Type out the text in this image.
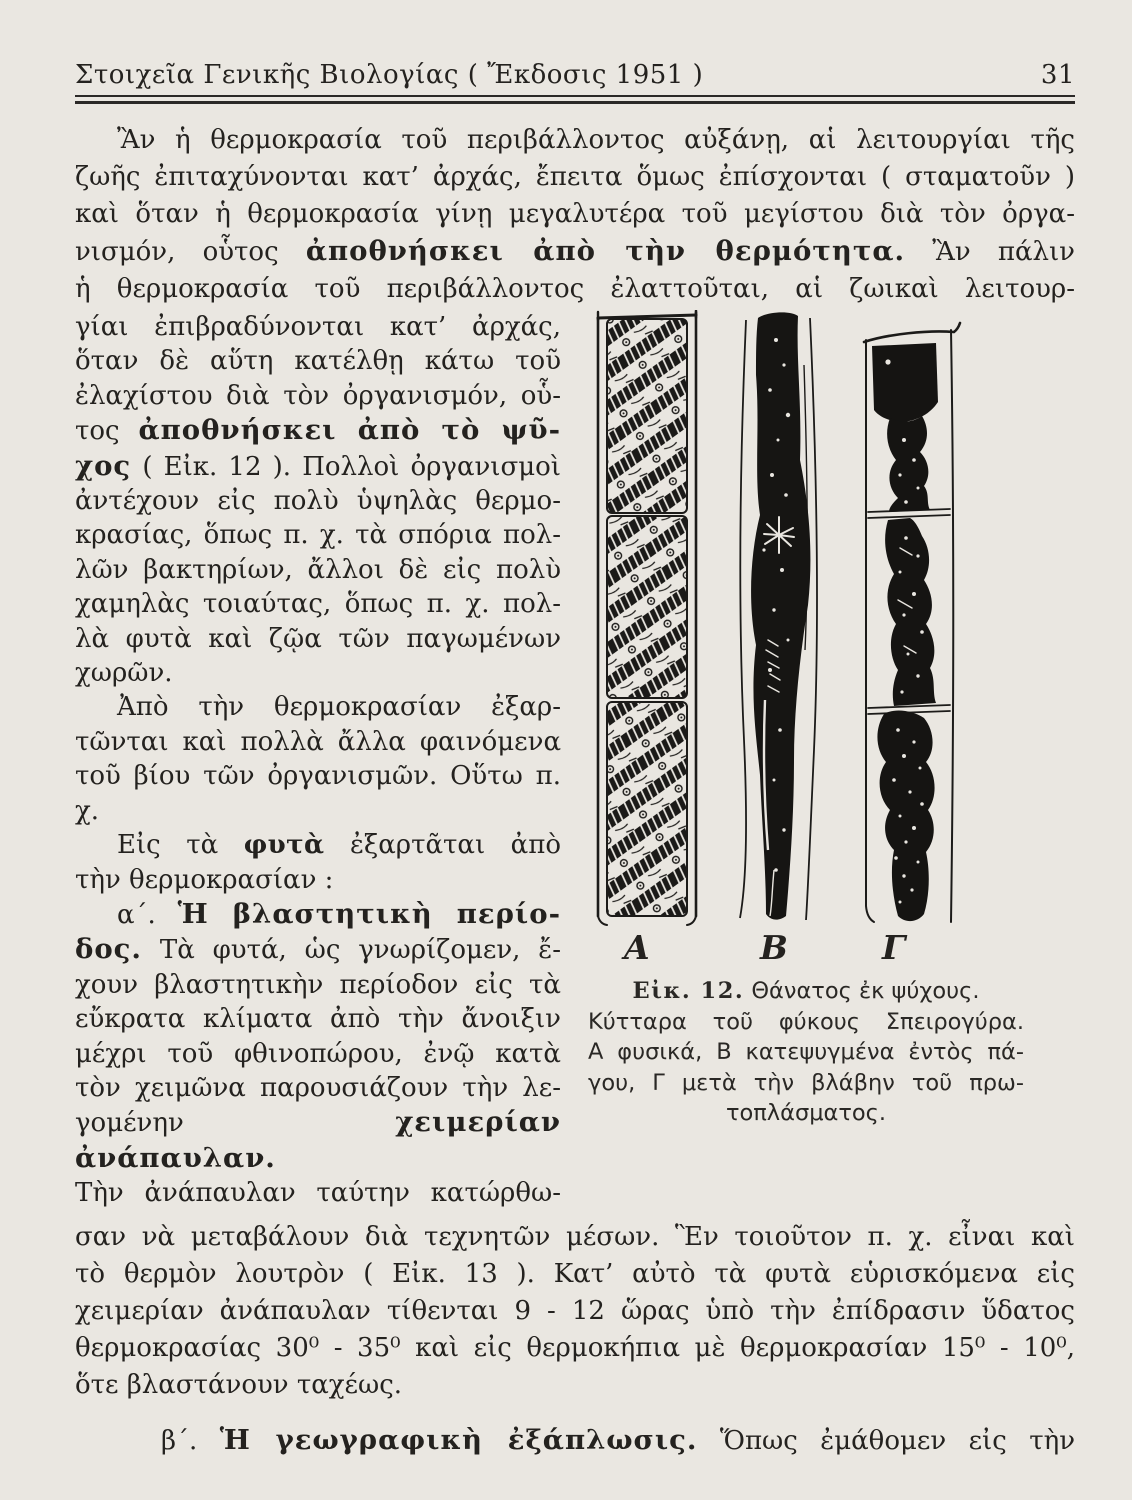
Στοιχεῖα Γενικῆς Βιολογίας ( Ἔκδοσις 1951 )	31
Ἂν ἡ θερμοκρασία τοῦ περιβάλλοντος αὐξάνῃ, αἱ λειτουργίαι τῆς
ζωῆς ἐπιταχύνονται κατ’ ἀρχάς, ἔπειτα ὅμως ἐπίσχονται ( σταματοῦν )
καὶ ὅταν ἡ θερμοκρασία γίνῃ μεγαλυτέρα τοῦ μεγίστου διὰ τὸν ὀργα-
νισμόν, οὗτος ἀποθνήσκει ἀπὸ τὴν θερμότητα. Ἂν πάλιν
ἡ θερμοκρασία τοῦ περιβάλλοντος ἐλαττοῦται, αἱ ζωικαὶ λειτουρ-
γίαι ἐπιβραδύνονται κατ’ ἀρχάς,
ὅταν δὲ αὕτη κατέλθῃ κάτω τοῦ
ἐλαχίστου διὰ τὸν ὀργανισμόν, οὗ-
τος ἀποθνήσκει ἀπὸ τὸ ψῦ-
χος ( Εἰκ. 12 ). Πολλοὶ ὀργανισμοὶ
ἀντέχουν εἰς πολὺ ὑψηλὰς θερμο-
κρασίας, ὅπως π. χ. τὰ σπόρια πολ-
λῶν βακτηρίων, ἄλλοι δὲ εἰς πολὺ
χαμηλὰς τοιαύτας, ὅπως π. χ. πολ-
λὰ φυτὰ καὶ ζῷα τῶν παγωμένων
χωρῶν.
Ἀπὸ τὴν θερμοκρασίαν ἐξαρ-
τῶνται καὶ πολλὰ ἄλλα φαινόμενα
τοῦ βίου τῶν ὀργανισμῶν. Οὕτω π. χ.
Εἰς τὰ φυτὰ ἐξαρτᾶται ἀπὸ
τὴν θερμοκρασίαν :
α΄. Ἡ βλαστητικὴ περίο-
δος. Τὰ φυτά, ὡς γνωρίζομεν, ἔ-
χουν βλαστητικὴν περίοδον εἰς τὰ
εὔκρατα κλίματα ἀπὸ τὴν ἄνοιξιν
μέχρι τοῦ φθινοπώρου, ἐνῷ κατὰ
τὸν χειμῶνα παρουσιάζουν τὴν λε-
γομένην χειμερίαν ἀνάπαυλαν.
Τὴν ἀνάπαυλαν ταύτην κατώρθω-
Α	Β	Γ
Εἰκ. 12. Θάνατος ἐκ ψύχους.
Κύτταρα τοῦ φύκους Σπειρογύρα.
Α φυσικά, Β κατεψυγμένα ἐντὸς πά-
γου, Γ μετὰ τὴν βλάβην τοῦ πρω-
τοπλάσματος.
σαν νὰ μεταβάλουν διὰ τεχνητῶν μέσων. Ἓν τοιοῦτον π. χ. εἶναι καὶ
τὸ θερμὸν λουτρὸν ( Εἰκ. 13 ). Κατ’ αὐτὸ τὰ φυτὰ εὑρισκόμενα εἰς
χειμερίαν ἀνάπαυλαν τίθενται 9 - 12 ὥρας ὑπὸ τὴν ἐπίδρασιν ὕδατος
θερμοκρασίας 30⁰ - 35⁰ καὶ εἰς θερμοκήπια μὲ θερμοκρασίαν 15⁰ - 10⁰,
ὅτε βλαστάνουν ταχέως.
β΄. Ἡ γεωγραφικὴ ἐξάπλωσις. Ὅπως ἐμάθομεν εἰς τὴν
